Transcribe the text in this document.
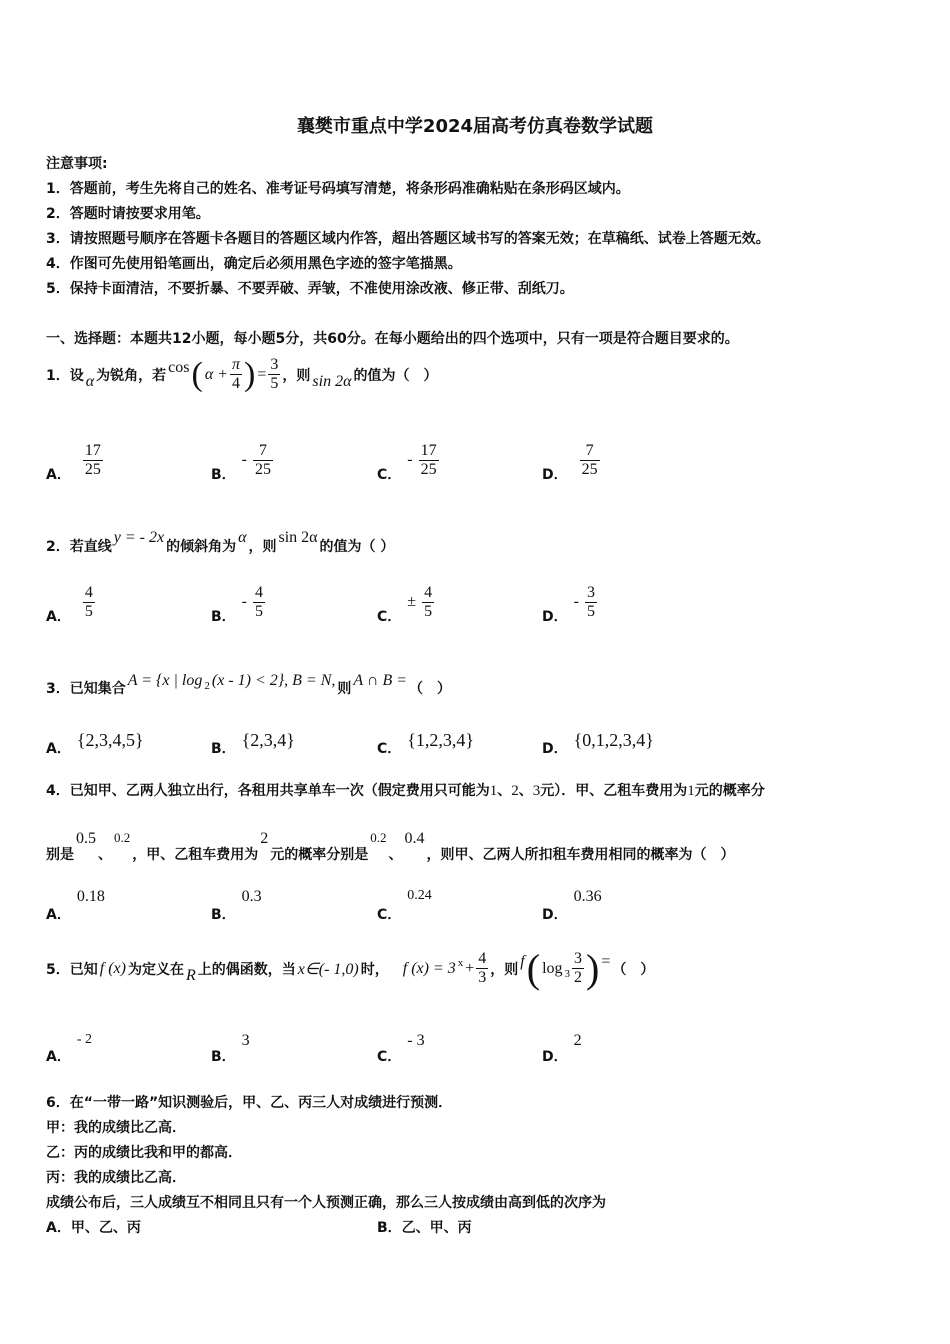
襄樊市重点中学2024届高考仿真卷数学试题
注意事项:
1．答题前，考生先将自己的姓名、准考证号码填写清楚，将条形码准确粘贴在条形码区域内。
2．答题时请按要求用笔。
3．请按照题号顺序在答题卡各题目的答题区域内作答，超出答题区域书写的答案无效；在草稿纸、试卷上答题无效。
4．作图可先使用铅笔画出，确定后必须用黑色字迹的签字笔描黑。
5．保持卡面清洁，不要折暴、不要弄破、弄皱，不准使用涂改液、修正带、刮纸刀。
一、选择题：本题共12小题，每小题5分，共60分。在每小题给出的四个选项中，只有一项是符合题目要求的。
1．设 α 为锐角，若 cos ( $\alpha + \frac{\pi}{4}$ ) = $\frac{3}{5}$ ，则 sin 2α 的值为（　）
A． $\frac{17}{25}$	B．
- $\frac{7}{25}$	C．
- $\frac{17}{25}$	D． $\frac{7}{25}$
2．若直线
y = - 2x
的倾斜角为
α
，则
sin 2α
的值为（ ）
A． $\frac{4}{5}$	B．
- $\frac{4}{5}$	C．
± $\frac{4}{5}$	D．
- $\frac{3}{5}$
3．已知集合 A = {x | log 2 (x - 1) < 2}, B = N, 则 A ∩ B = （　）
A． {2,3,4,5}	B． {2,3,4}	C． {1,2,3,4}	D． {0,1,2,3,4}
4．已知甲、乙两人独立出行，各租用共享单车一次（假定费用只可能为 1 、 2 、 3 元）．甲、乙租车费用为 1 元的概率分
别是
0.5
、
0.2
，甲、乙租车费用为
2
元的概率分别是
0.2
、
0.4
，则甲、乙两人所扣租车费用相同的概率为（　）
A．
0.18
B．
0.3
C．
0.24
D．
0.36
5．已知 f (x) 为定义在 R 上的偶函数，当 x∈(- 1,0) 时， f (x) = 3 $x + \frac{4}{3}$ ，则 f ( $\log 3 \frac{3}{2}$ ) = （　）
A．
- 2
B．
3
C．
- 3
D．
2
6．在“一带一路”知识测验后，甲、乙、丙三人对成绩进行预测．
甲：我的成绩比乙高．
乙：丙的成绩比我和甲的都高．
丙：我的成绩比乙高．
成绩公布后，三人成绩互不相同且只有一个人预测正确，那么三人按成绩由高到低的次序为
A．甲、乙、丙	B．乙、甲、丙
